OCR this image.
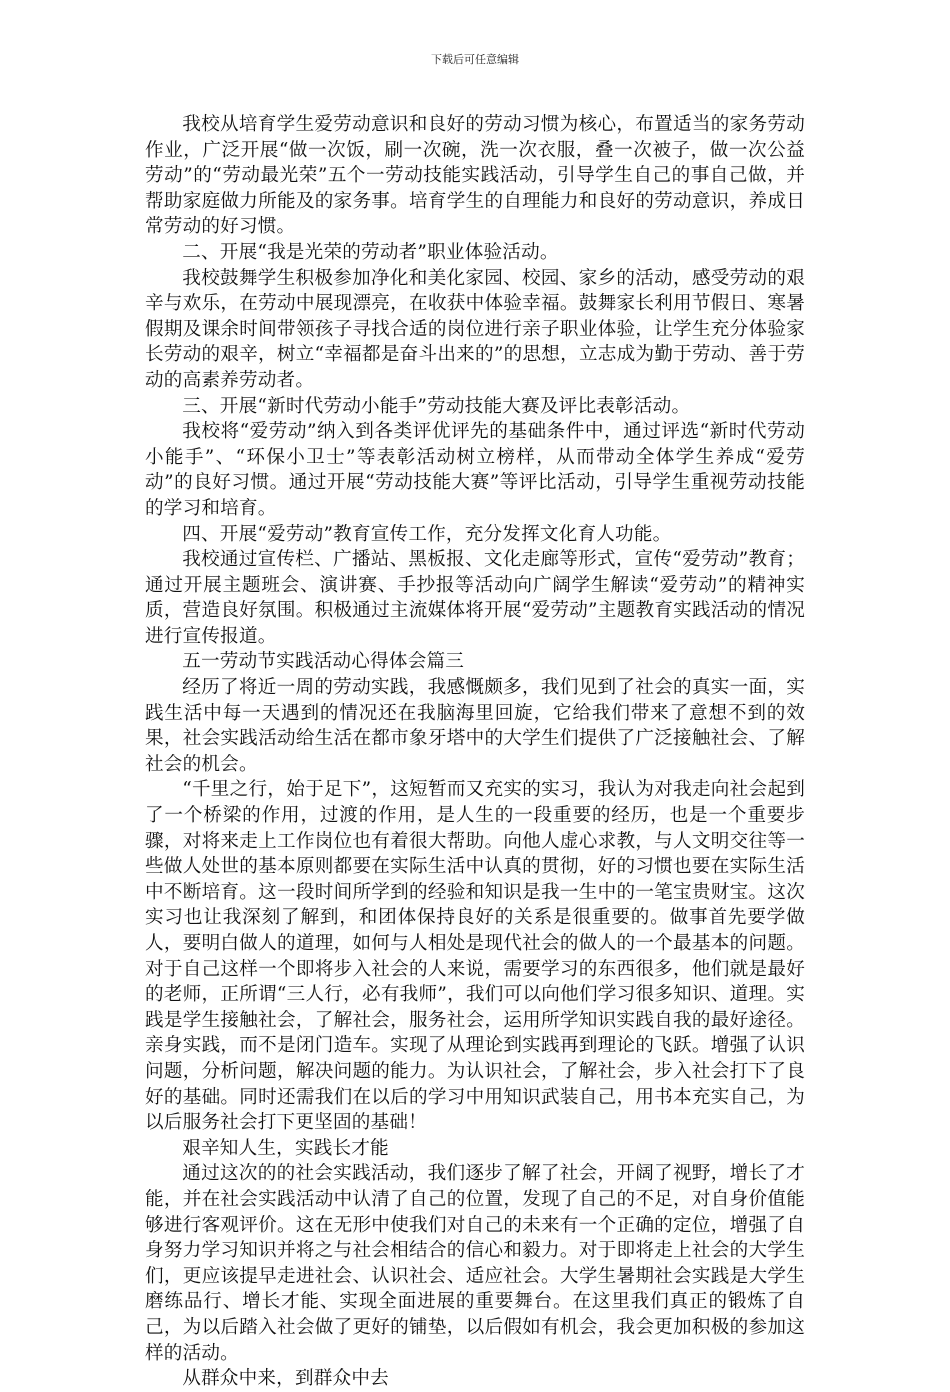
下载后可任意编辑

我校从培育学生爱劳动意识和良好的劳动习惯为核心，布置适当的家务劳动作业，广泛开展“做一次饭，刷一次碗，洗一次衣服，叠一次被子，做一次公益劳动”的“劳动最光荣”五个一劳动技能实践活动，引导学生自己的事自己做，并帮助家庭做力所能及的家务事。培育学生的自理能力和良好的劳动意识，养成日常劳动的好习惯。

二、开展“我是光荣的劳动者”职业体验活动。

我校鼓舞学生积极参加净化和美化家园、校园、家乡的活动，感受劳动的艰辛与欢乐，在劳动中展现漂亮，在收获中体验幸福。鼓舞家长利用节假日、寒暑假期及课余时间带领孩子寻找合适的岗位进行亲子职业体验，让学生充分体验家长劳动的艰辛，树立“幸福都是奋斗出来的”的思想，立志成为勤于劳动、善于劳动的高素养劳动者。

三、开展“新时代劳动小能手”劳动技能大赛及评比表彰活动。

我校将“爱劳动”纳入到各类评优评先的基础条件中，通过评选“新时代劳动小能手”、“环保小卫士”等表彰活动树立榜样，从而带动全体学生养成“爱劳动”的良好习惯。通过开展“劳动技能大赛”等评比活动，引导学生重视劳动技能的学习和培育。

四、开展“爱劳动”教育宣传工作，充分发挥文化育人功能。

我校通过宣传栏、广播站、黑板报、文化走廊等形式，宣传“爱劳动”教育；通过开展主题班会、演讲赛、手抄报等活动向广阔学生解读“爱劳动”的精神实质，营造良好氛围。积极通过主流媒体将开展“爱劳动”主题教育实践活动的情况进行宣传报道。

五一劳动节实践活动心得体会篇三

经历了将近一周的劳动实践，我感慨颇多，我们见到了社会的真实一面，实践生活中每一天遇到的情况还在我脑海里回旋，它给我们带来了意想不到的效果，社会实践活动给生活在都市象牙塔中的大学生们提供了广泛接触社会、了解社会的机会。

“千里之行，始于足下”，这短暂而又充实的实习，我认为对我走向社会起到了一个桥梁的作用，过渡的作用，是人生的一段重要的经历，也是一个重要步骤，对将来走上工作岗位也有着很大帮助。向他人虚心求教，与人文明交往等一些做人处世的基本原则都要在实际生活中认真的贯彻，好的习惯也要在实际生活中不断培育。这一段时间所学到的经验和知识是我一生中的一笔宝贵财宝。这次实习也让我深刻了解到，和团体保持良好的关系是很重要的。做事首先要学做人，要明白做人的道理，如何与人相处是现代社会的做人的一个最基本的问题。对于自己这样一个即将步入社会的人来说，需要学习的东西很多，他们就是最好的老师，正所谓“三人行，必有我师”，我们可以向他们学习很多知识、道理。实践是学生接触社会，了解社会，服务社会，运用所学知识实践自我的最好途径。亲身实践，而不是闭门造车。实现了从理论到实践再到理论的飞跃。增强了认识问题，分析问题，解决问题的能力。为认识社会，了解社会，步入社会打下了良好的基础。同时还需我们在以后的学习中用知识武装自己，用书本充实自己，为以后服务社会打下更坚固的基础！

艰辛知人生，实践长才能

通过这次的的社会实践活动，我们逐步了解了社会，开阔了视野，增长了才能，并在社会实践活动中认清了自己的位置，发现了自己的不足，对自身价值能够进行客观评价。这在无形中使我们对自己的未来有一个正确的定位，增强了自身努力学习知识并将之与社会相结合的信心和毅力。对于即将走上社会的大学生们，更应该提早走进社会、认识社会、适应社会。大学生暑期社会实践是大学生磨练品行、增长才能、实现全面进展的重要舞台。在这里我们真正的锻炼了自己，为以后踏入社会做了更好的铺垫，以后假如有机会，我会更加积极的参加这样的活动。

从群众中来，到群众中去
